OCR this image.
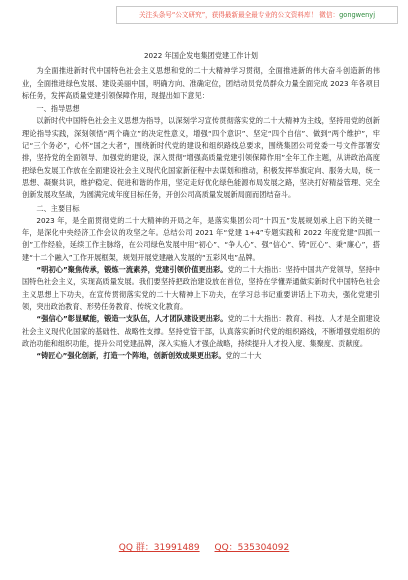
关注头条号“公文研究”，获得最新最全最专业的公文资料库！ 微信：gongwenyj

2022 年国企发电集团党建工作计划

为全面推进新时代中国特色社会主义思想和党的二十大精神学习贯彻，全面推进新的伟大奋斗创造新的伟业，全面推进绿色发展、建设美丽中国，明确方向、准确定位，团结动员党员群众力量全面完成 2023 年各项目标任务，发挥高质量党建引领保障作用，现提出如下意见：

一、指导思想

以新时代中国特色社会主义思想为指导，以深刻学习宣传贯彻落实党的二十大精神为主线，坚持用党的创新理论指导实践，深刻领悟“两个确立”的决定性意义，增强“四个意识”、坚定“四个自信”、做到“两个维护”，牢记“三个务必”，心怀“国之大者”，围绕新时代党的建设和组织路线总要求，围绕集团公司党委一号文件部署安排，坚持党的全面领导、加强党的建设，深入贯彻“增强高质量党建引领保障作用”全年工作主题，从讲政治高度把绿色发展工作放在全面建设社会主义现代化国家新征程中去谋划和推动，积极发挥举旗定向、服务大局，统一思想、凝聚共识，维护稳定、促进和谐的作用，坚定走好优化绿色能源布局发展之路，坚决打好精益管理、完全创新发展攻坚战，为圆满完成年度目标任务，开创公司高质量发展新局面而团结奋斗。

二、主要目标

2023 年，是全面贯彻党的二十大精神的开局之年，是落实集团公司“十四五”发展规划承上启下的关键一年，是深化中央经济工作会议的攻坚之年。总结公司 2021 年“党建 1+4”专题实践和 2022 年度党建“四抓一创”工作经验，延续工作主脉络，在公司绿色发展中用“初心”、“争人心”、强“信心”、铸“匠心”、秉“廉心”，搭建“十二个融入”工作开展框架，规划开展党建融入发展的“五彩风电”品牌。

“明初心”聚焦传承，锻炼一流素养，党建引领价值更出彩。党的二十大指出：坚持中国共产党领导，坚持中国特色社会主义，实现高质量发展。我们要坚持把政治建设放在首位，坚持在学懂弄通做实新时代中国特色社会主义思想上下功夫，在宣传贯彻落实党的二十大精神上下功夫，在学习总书记重要讲话上下功夫，强化党建引领，突出政治教育、形势任务教育、传统文化教育。

“强信心”彰显赋能，锻造一支队伍，人才团队建设更出彩。党的二十大指出：教育、科技、人才是全面建设社会主义现代化国家的基础性、战略性支撑。坚持党管干部，认真落实新时代党的组织路线，不断增强党组织的政治功能和组织功能，提升公司党建品牌，深入实施人才强企战略，持续提升人才投入度、集聚度、贡献度。

“铸匠心”强化创新，打造一个阵地，创新创效成果更出彩。党的二十大

QQ 群：31991489 QQ：535304092
